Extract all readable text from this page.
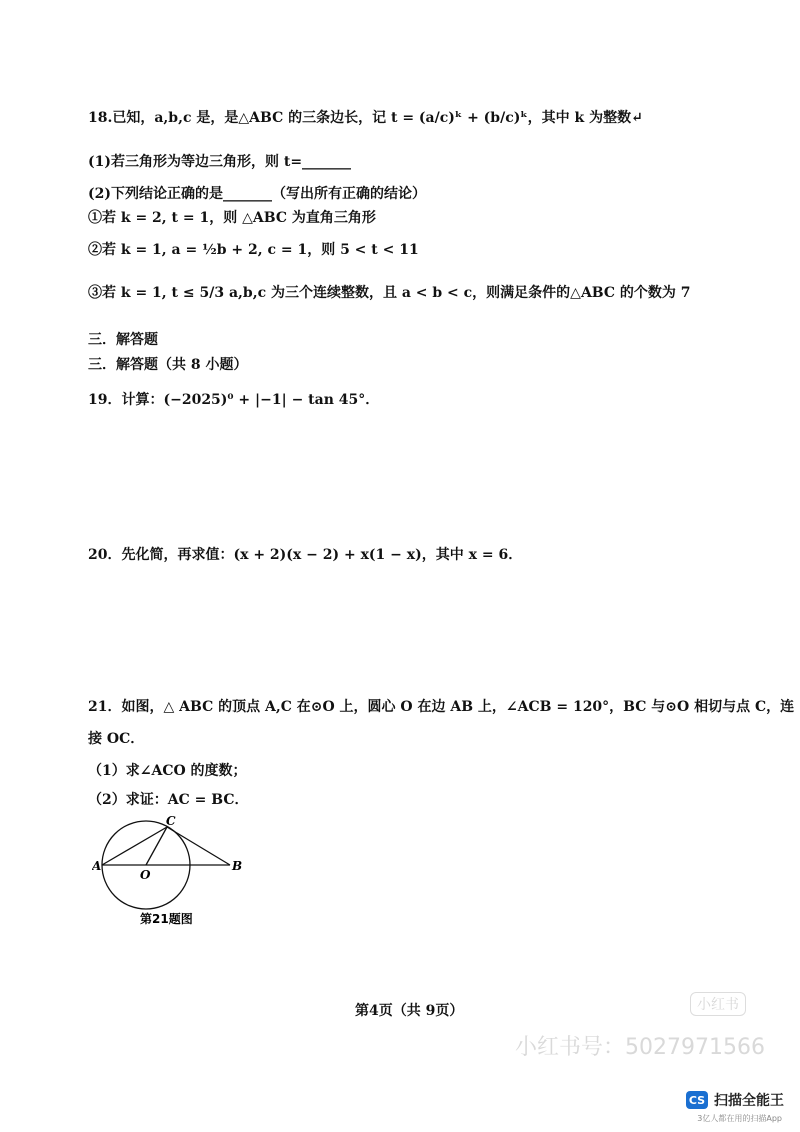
18.已知，a,b,c 是，是△ABC 的三条边长，记 t = (a/c)ᵏ + (b/c)ᵏ，其中 k 为整数↵
(1)若三角形为等边三角形，则 t=_______
(2)下列结论正确的是_______（写出所有正确的结论）
①若 k = 2, t = 1，则 △ABC 为直角三角形
②若 k = 1, a = ½b + 2, c = 1，则 5 < t < 11
③若 k = 1, t ≤ 5/3 a,b,c 为三个连续整数，且 a < b < c，则满足条件的△ABC 的个数为 7
三．解答题
三．解答题（共 8 小题）
19．计算：(−2025)⁰ + |−1| − tan 45°．
20．先化简，再求值：(x + 2)(x − 2) + x(1 − x)，其中 x = 6．
21．如图，△ ABC 的顶点 A,C 在⊙O 上，圆心 O 在边 AB 上，∠ACB = 120°，BC 与⊙O 相切与点 C，连
接 OC．
（1）求∠ACO 的度数；
（2）求证：AC = BC．
A	B
C
O
第21题图
第4页（共 9页）	小红书
小红书号：5027971566
CS 扫描全能王
3亿人都在用的扫描App
